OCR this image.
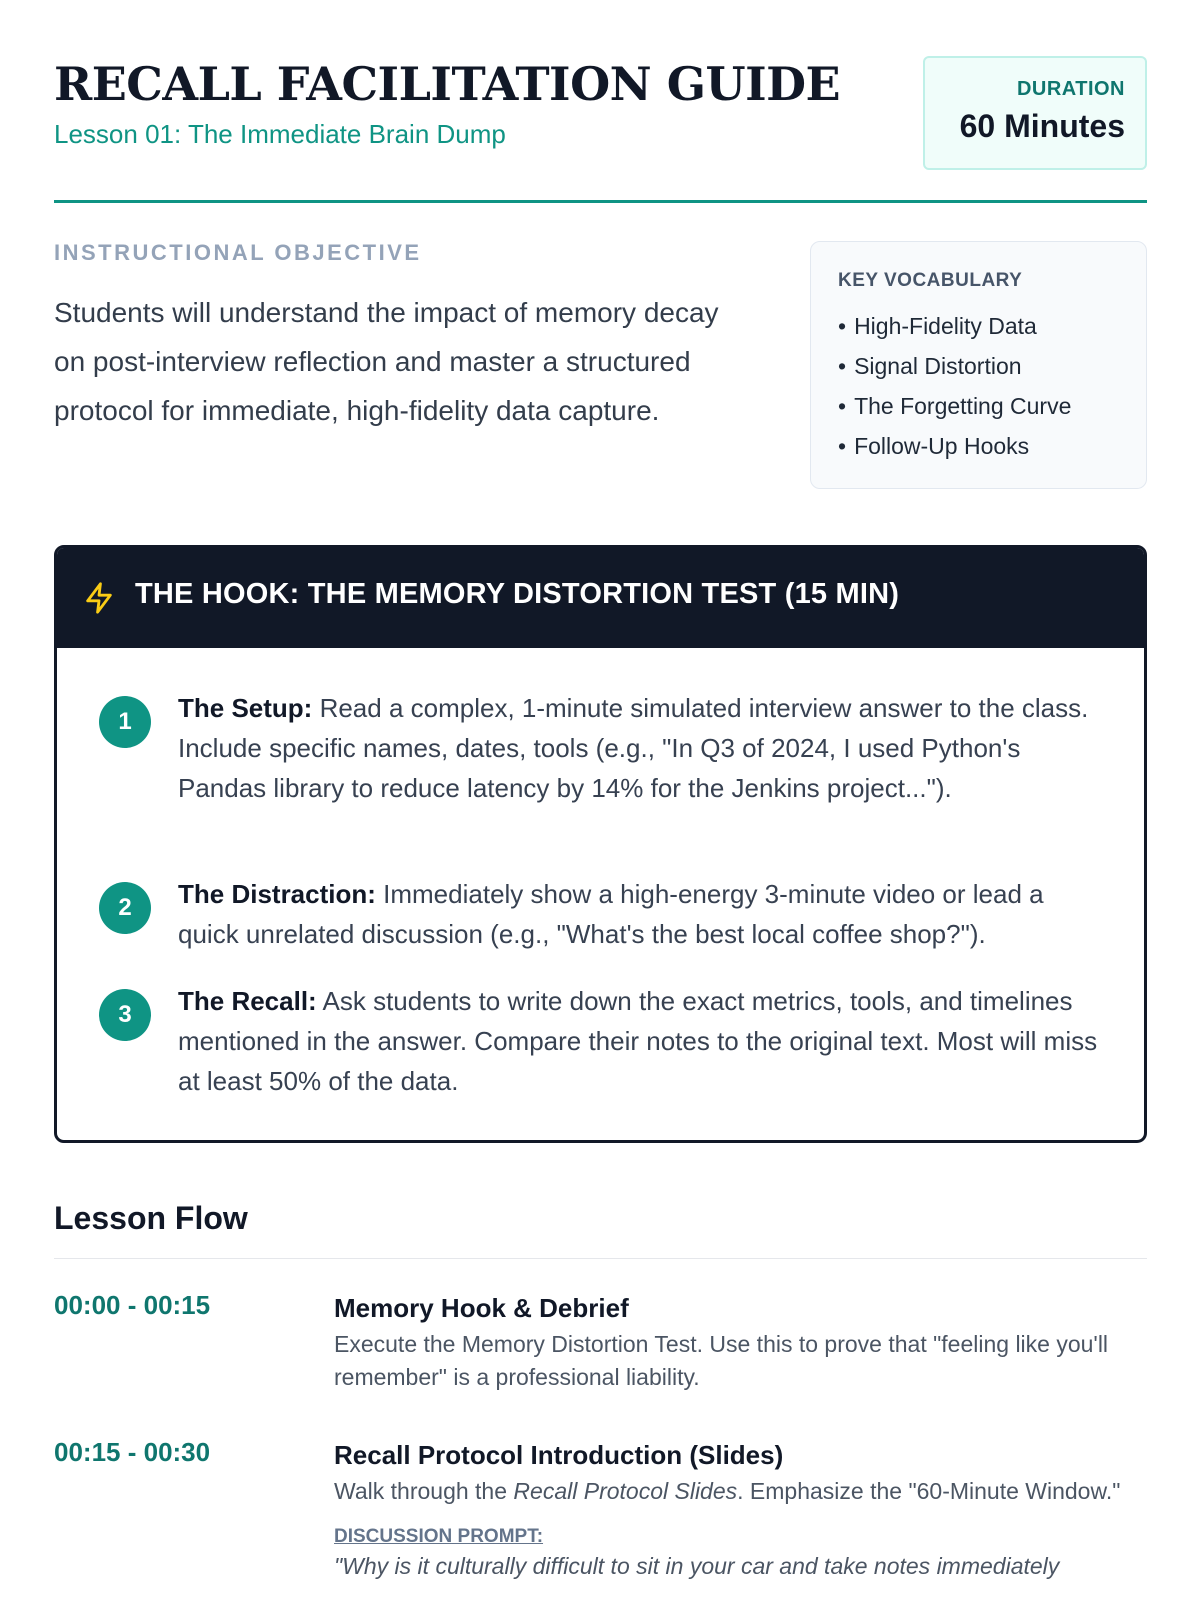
RECALL FACILITATION GUIDE
Lesson 01: The Immediate Brain Dump
DURATION
60 Minutes
INSTRUCTIONAL OBJECTIVE
Students will understand the impact of memory decay on post-interview reflection and master a structured protocol for immediate, high-fidelity data capture.
KEY VOCABULARY
• High-Fidelity Data
• Signal Distortion
• The Forgetting Curve
• Follow-Up Hooks
THE HOOK: THE MEMORY DISTORTION TEST (15 MIN)
1	The Setup: Read a complex, 1-minute simulated interview answer to the class. Include specific names, dates, tools (e.g., "In Q3 of 2024, I used Python's Pandas library to reduce latency by 14% for the Jenkins project...").
2	The Distraction: Immediately show a high-energy 3-minute video or lead a quick unrelated discussion (e.g., "What's the best local coffee shop?").
3	The Recall: Ask students to write down the exact metrics, tools, and timelines mentioned in the answer. Compare their notes to the original text. Most will miss at least 50% of the data.
Lesson Flow
00:00 - 00:15	Memory Hook & Debrief
Execute the Memory Distortion Test. Use this to prove that "feeling like you'll remember" is a professional liability.
00:15 - 00:30	Recall Protocol Introduction (Slides)
Walk through the Recall Protocol Slides. Emphasize the "60-Minute Window."
DISCUSSION PROMPT:
"Why is it culturally difficult to sit in your car and take notes immediately
